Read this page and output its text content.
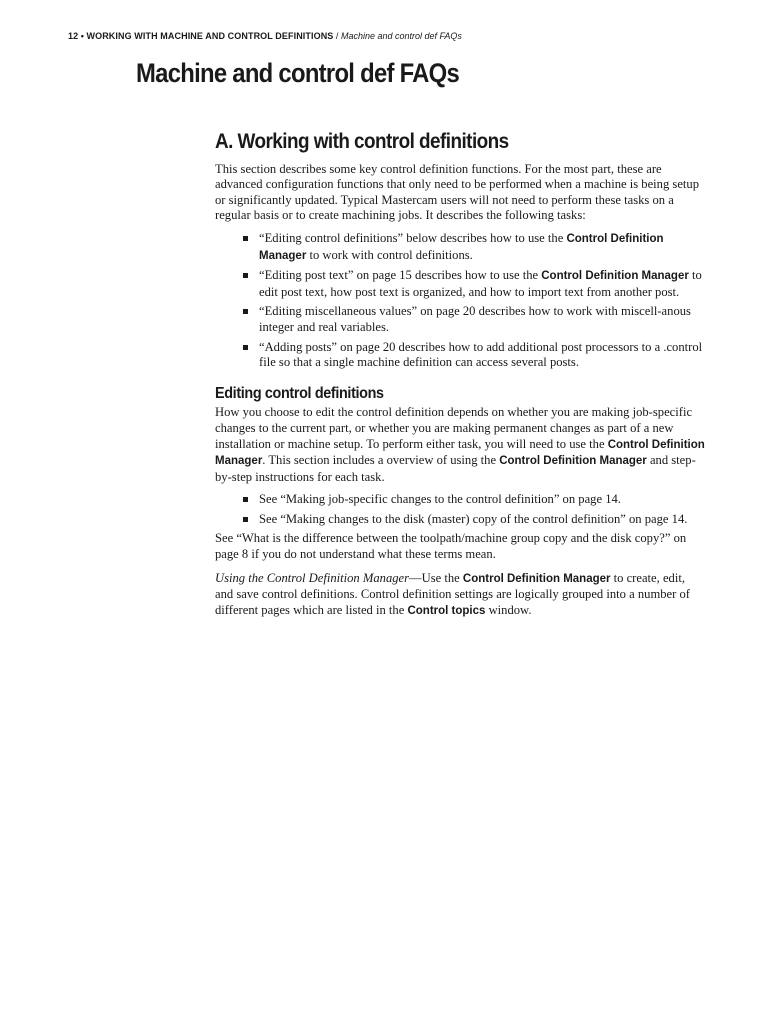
12 • WORKING WITH MACHINE AND CONTROL DEFINITIONS / Machine and control def FAQs
Machine and control def FAQs
A. Working with control definitions

This section describes some key control definition functions. For the most part, these are advanced configuration functions that only need to be performed when a machine is being setup or significantly updated. Typical Mastercam users will not need to perform these tasks on a regular basis or to create machining jobs. It describes the following tasks:

“Editing control definitions” below describes how to use the Control Definition Manager to work with control definitions.
“Editing post text” on page 15 describes how to use the Control Definition Manager to edit post text, how post text is organized, and how to import text from another post.
“Editing miscellaneous values” on page 20 describes how to work with miscell-anous integer and real variables.
“Adding posts” on page 20 describes how to add additional post processors to a .control file so that a single machine definition can access several posts.
Editing control definitions

How you choose to edit the control definition depends on whether you are making job-specific changes to the current part, or whether you are making permanent changes as part of a new installation or machine setup. To perform either task, you will need to use the Control Definition Manager. This section includes a overview of using the Control Definition Manager and step-by-step instructions for each task.

See “Making job-specific changes to the control definition” on page 14.
See “Making changes to the disk (master) copy of the control definition” on page 14.

See “What is the difference between the toolpath/machine group copy and the disk copy?” on page 8 if you do not understand what these terms mean.

Using the Control Definition Manager—Use the Control Definition Manager to create, edit, and save control definitions. Control definition settings are logically grouped into a number of different pages which are listed in the Control topics window.
